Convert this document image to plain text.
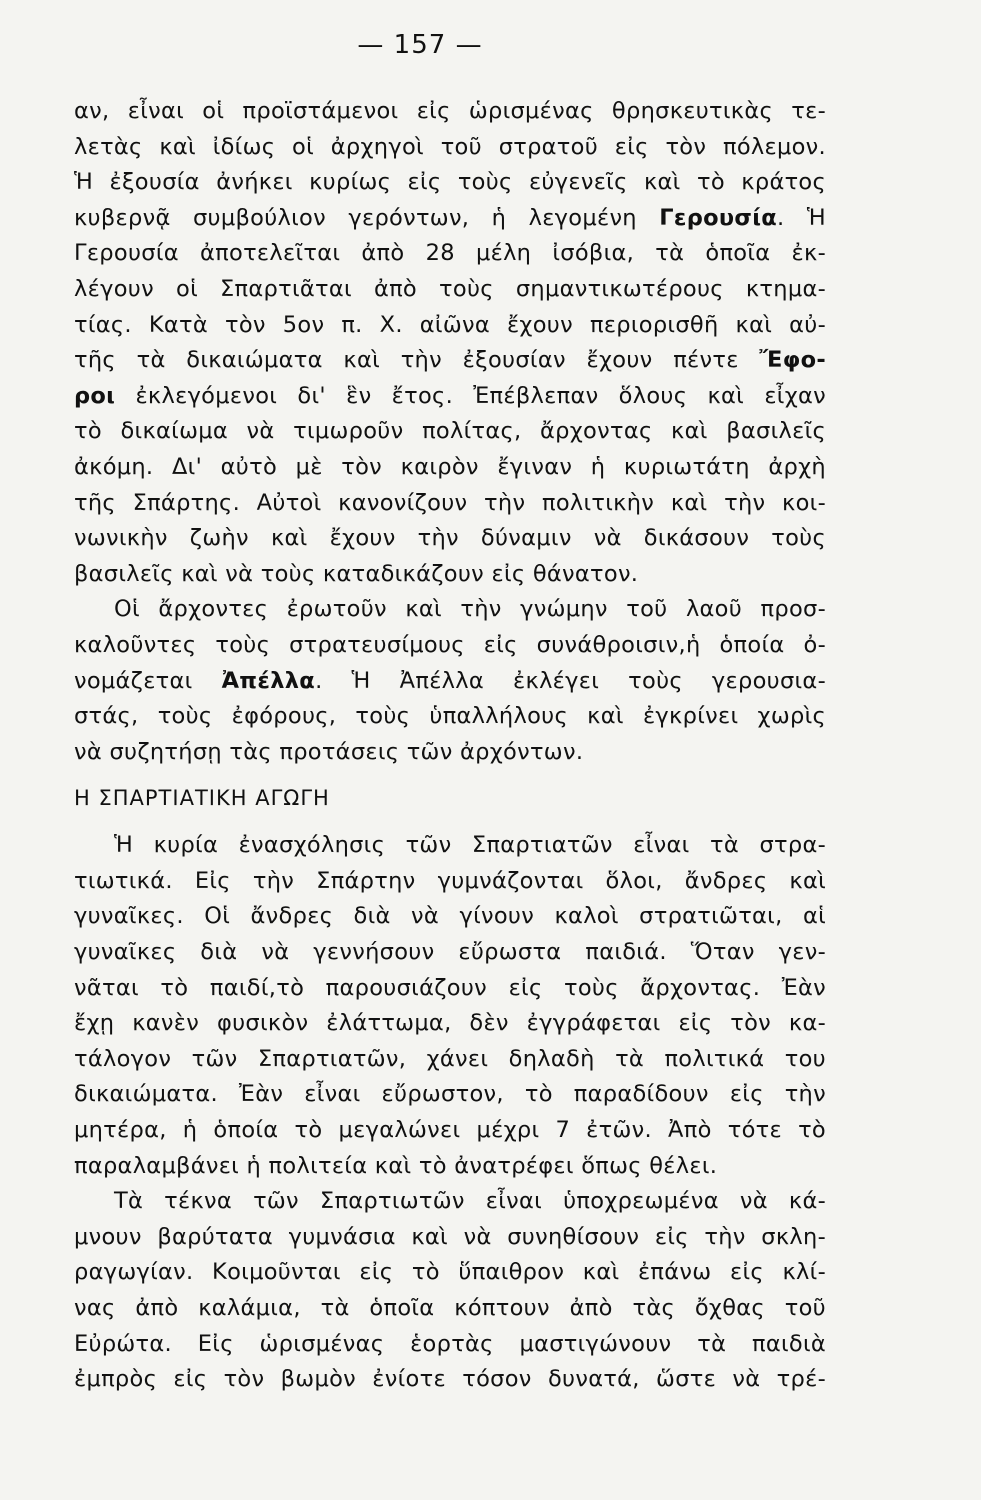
— 157 —
αν, εἶναι οἱ προϊστάμενοι εἰς ὡρισμένας θρησκευτικὰς τε-
λετὰς καὶ ἰδίως οἱ ἀρχηγοὶ τοῦ στρατοῦ εἰς τὸν πόλεμον.
Ἡ ἐξουσία ἀνήκει κυρίως εἰς τοὺς εὐγενεῖς καὶ τὸ κράτος
κυβερνᾷ συμβούλιον γερόντων, ἡ λεγομένη Γερουσία. Ἡ
Γερουσία ἀποτελεῖται ἀπὸ 28 μέλη ἰσόβια, τὰ ὁποῖα ἐκ-
λέγουν οἱ Σπαρτιᾶται ἀπὸ τοὺς σημαντικωτέρους κτημα-
τίας. Κατὰ τὸν 5ον π. Χ. αἰῶνα ἔχουν περιορισθῆ καὶ αὐ-
τῆς τὰ δικαιώματα καὶ τὴν ἐξουσίαν ἔχουν πέντε Ἔφο-
ροι ἐκλεγόμενοι δι' ἓν ἔτος. Ἐπέβλεπαν ὅλους καὶ εἶχαν
τὸ δικαίωμα νὰ τιμωροῦν πολίτας, ἄρχοντας καὶ βασιλεῖς
ἀκόμη. Δι' αὐτὸ μὲ τὸν καιρὸν ἔγιναν ἡ κυριωτάτη ἀρχὴ
τῆς Σπάρτης. Αὐτοὶ κανονίζουν τὴν πολιτικὴν καὶ τὴν κοι-
νωνικὴν ζωὴν καὶ ἔχουν τὴν δύναμιν νὰ δικάσουν τοὺς
βασιλεῖς καὶ νὰ τοὺς καταδικάζουν εἰς θάνατον.
Οἱ ἄρχοντες ἐρωτοῦν καὶ τὴν γνώμην τοῦ λαοῦ προσ-
καλοῦντες τοὺς στρατευσίμους εἰς συνάθροισιν,ἡ ὁποία ὀ-
νομάζεται Ἀπέλλα. Ἡ Ἀπέλλα ἐκλέγει τοὺς γερουσια-
στάς, τοὺς ἐφόρους, τοὺς ὑπαλλήλους καὶ ἐγκρίνει χωρὶς
νὰ συζητήσῃ τὰς προτάσεις τῶν ἀρχόντων.
Η ΣΠΑΡΤΙΑΤΙΚΗ ΑΓΩΓΗ
Ἡ κυρία ἐνασχόλησις τῶν Σπαρτιατῶν εἶναι τὰ στρα-
τιωτικά. Εἰς τὴν Σπάρτην γυμνάζονται ὅλοι, ἄνδρες καὶ
γυναῖκες. Οἱ ἄνδρες διὰ νὰ γίνουν καλοὶ στρατιῶται, αἱ
γυναῖκες διὰ νὰ γεννήσουν εὔρωστα παιδιά. Ὅταν γεν-
νᾶται τὸ παιδί,τὸ παρουσιάζουν εἰς τοὺς ἄρχοντας. Ἐὰν
ἔχῃ κανὲν φυσικὸν ἐλάττωμα, δὲν ἐγγράφεται εἰς τὸν κα-
τάλογον τῶν Σπαρτιατῶν, χάνει δηλαδὴ τὰ πολιτικά του
δικαιώματα. Ἐὰν εἶναι εὔρωστον, τὸ παραδίδουν εἰς τὴν
μητέρα, ἡ ὁποία τὸ μεγαλώνει μέχρι 7 ἐτῶν. Ἀπὸ τότε τὸ
παραλαμβάνει ἡ πολιτεία καὶ τὸ ἀνατρέφει ὅπως θέλει.
Τὰ τέκνα τῶν Σπαρτιωτῶν εἶναι ὑποχρεωμένα νὰ κά-
μνουν βαρύτατα γυμνάσια καὶ νὰ συνηθίσουν εἰς τὴν σκλη-
ραγωγίαν. Κοιμοῦνται εἰς τὸ ὕπαιθρον καὶ ἐπάνω εἰς κλί-
νας ἀπὸ καλάμια, τὰ ὁποῖα κόπτουν ἀπὸ τὰς ὄχθας τοῦ
Εὐρώτα. Εἰς ὡρισμένας ἑορτὰς μαστιγώνουν τὰ παιδιὰ
ἐμπρὸς εἰς τὸν βωμὸν ἐνίοτε τόσον δυνατά, ὥστε νὰ τρέ-
